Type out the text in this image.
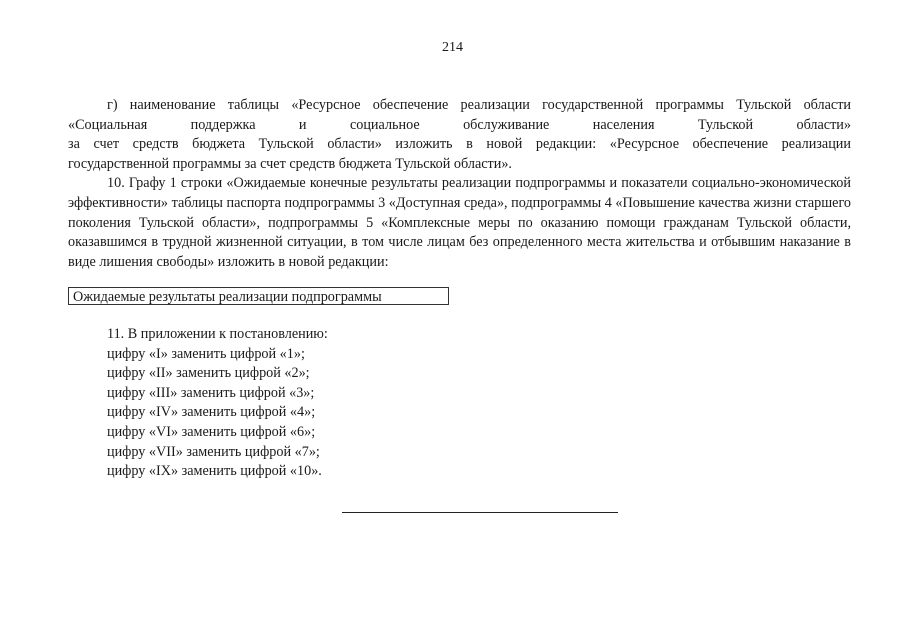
214
г) наименование таблицы «Ресурсное обеспечение реализации государственной программы Тульской области
«Социальная поддержка и социальное обслуживание населения Тульской области»
за счет средств бюджета Тульской области» изложить в новой редакции: «Ресурсное обеспечение реализации
государственной программы за счет средств бюджета Тульской области».

10. Графу 1 строки «Ожидаемые конечные результаты реализации подпрограммы и показатели социально-экономической эффективности» таблицы паспорта подпрограммы 3 «Доступная среда», подпрограммы 4 «Повышение качества жизни старшего поколения Тульской области», подпрограммы 5 «Комплексные меры по оказанию помощи гражданам Тульской области, оказавшимся в трудной жизненной ситуации, в том числе лицам без определенного места жительства и отбывшим наказание в виде лишения свободы» изложить в новой редакции:

Ожидаемые результаты реализации подпрограммы
11. В приложении к постановлению:
цифру «I» заменить цифрой «1»;
цифру «II» заменить цифрой «2»;
цифру «III» заменить цифрой «3»;
цифру «IV» заменить цифрой «4»;
цифру «VI» заменить цифрой «6»;
цифру «VII» заменить цифрой «7»;
цифру «IX» заменить цифрой «10».
